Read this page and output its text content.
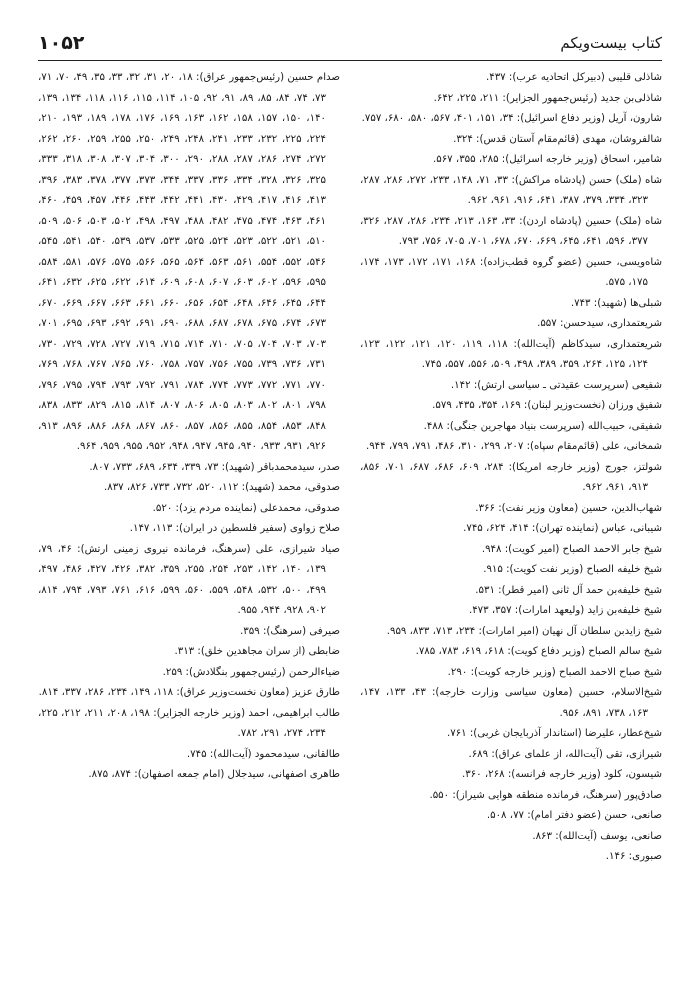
۱۰۵۲	کتاب بیست‌ویکم

شاذلی قلیبی (دبیرکل اتحادیه عرب): ۴۳۷.

شاذلی‌بن جدید (رئیس‌جمهور الجزایر): ۲۱۱، ۲۲۵، ۶۴۲.

شارون، آریل (وزیر دفاع اسرائیل): ۳۴، ۱۵۱، ۴۰۱، ۵۶۷، ۵۸۰، ۶۸۰، ۷۵۷.

شالفروشان، مهدی (قائم‌مقام آستان قدس): ۳۲۴.

شامیر، اسحاق (وزیر خارجه اسرائیل): ۲۸۵، ۳۵۵، ۵۶۷.

شاه (ملک) حسن (پادشاه مراکش): ۳۳، ۷۱، ۱۴۸، ۲۳۳، ۲۷۲، ۲۸۶، ۲۸۷، ۳۲۳، ۳۳۴، ۳۷۹، ۳۸۷، ۶۴۱، ۹۱۶، ۹۶۱، ۹۶۲.

شاه (ملک) حسین (پادشاه اردن): ۳۳، ۱۶۳، ۲۱۳، ۲۳۴، ۲۸۶، ۲۸۷، ۳۲۶، ۳۷۷، ۵۹۶، ۶۴۱، ۶۴۵، ۶۶۹، ۶۷۰، ۶۷۸، ۷۰۱، ۷۰۵، ۷۵۶، ۷۹۳.

شاه‌ویسی، حسین (عضو گروه قطب‌زاده): ۱۶۸، ۱۷۱، ۱۷۲، ۱۷۳، ۱۷۴، ۱۷۵، ۵۷۵.

شبلی‌ها (شهید): ۷۴۳.

شریعتمداری، سیدحسن: ۵۵۷.

شریعتمداری، سیدکاظم (آیت‌الله): ۱۱۸، ۱۱۹، ۱۲۰، ۱۲۱، ۱۲۲، ۱۲۳، ۱۲۴، ۱۲۵، ۲۶۴، ۳۵۹، ۳۸۹، ۴۹۸، ۵۰۹، ۵۵۶، ۵۵۷، ۷۴۵.

شفیعی (سرپرست عقیدتی ـ سیاسی ارتش): ۱۴۲.

شفیق ورزان (نخست‌وزیر لبنان): ۱۶۹، ۳۵۴، ۴۳۵، ۵۷۹.

شفیقی، حبیب‌الله (سرپرست بنیاد مهاجرین جنگی): ۴۸۸.

شمخانی، علی (قائم‌مقام سپاه): ۲۰۷، ۲۹۹، ۳۱۰، ۴۸۶، ۷۹۱، ۷۹۹، ۹۴۴.

شولتز، جورج (وزیر خارجه امریکا): ۲۸۴، ۶۰۹، ۶۸۶، ۶۸۷، ۷۰۱، ۸۵۶، ۹۱۳، ۹۶۱، ۹۶۲.

شهاب‌الدین، حسین (معاون وزیر نفت): ۳۶۶.

شیبانی، عباس (نماینده تهران): ۴۱۴، ۶۲۴، ۷۴۵.

شیخ جابر الاحمد الصباح (امیر کویت): ۹۴۸.

شیخ خلیفه الصباح (وزیر نفت کویت): ۹۱۵.

شیخ خلیفه‌بن حمد آل ثانی (امیر قطر): ۵۳۱.

شیخ خلیفه‌بن زاید (ولیعهد امارات): ۳۵۷، ۴۷۳.

شیخ زایدبن سلطان آل نهیان (امیر امارات): ۲۳۴، ۷۱۳، ۸۳۳، ۹۵۹.

شیخ سالم الصباح (وزیر دفاع کویت): ۶۱۸، ۶۱۹، ۷۸۳، ۷۸۵.

شیخ صباح الاحمد الصباح (وزیر خارجه کویت): ۲۹۰.

شیخ‌الاسلام، حسین (معاون سیاسی وزارت خارجه): ۴۳، ۱۳۳، ۱۴۷، ۱۶۳، ۷۳۸، ۸۹۱، ۹۵۶.

شیخ‌عطار، علیرضا (استاندار آذربایجان غربی): ۷۶۱.

شیرازی، تقی (آیت‌الله، از علمای عراق): ۶۸۹.

شیسون، کلود (وزیر خارجه فرانسه): ۲۶۸، ۳۶۰.

صادق‌پور (سرهنگ، فرمانده منطقه هوایی شیراز): ۵۵۰.

صانعی، حسن (عضو دفتر امام): ۷۷، ۵۰۸.

صانعی، یوسف (آیت‌الله): ۸۶۳.

صبوری: ۱۴۶.

صدام حسین (رئیس‌جمهور عراق): ۱۸، ۲۰، ۳۱، ۳۲، ۳۳، ۳۵، ۴۹، ۷۰، ۷۱، ۷۳، ۷۴، ۸۴، ۸۵، ۸۹، ۹۱، ۹۲، ۱۰۵، ۱۱۴، ۱۱۵، ۱۱۶، ۱۱۸، ۱۳۴، ۱۳۹، ۱۴۰، ۱۵۰، ۱۵۷، ۱۵۸، ۱۶۲، ۱۶۳، ۱۶۹، ۱۷۶، ۱۷۸، ۱۸۹، ۱۹۳، ۲۱۰، ۲۲۴، ۲۲۵، ۲۳۲، ۲۳۳، ۲۴۱، ۲۴۸، ۲۴۹، ۲۵۰، ۲۵۵، ۲۵۹، ۲۶۰، ۲۶۲، ۲۷۲، ۲۷۴، ۲۸۶، ۲۸۷، ۲۸۸، ۲۹۰، ۳۰۰، ۳۰۴، ۳۰۷، ۳۰۸، ۳۱۸، ۳۳۳، ۳۲۵، ۳۲۶، ۳۲۸، ۳۳۴، ۳۳۶، ۳۳۷، ۳۴۴، ۳۷۳، ۳۷۷، ۳۷۸، ۳۸۳، ۳۹۶، ۴۱۳، ۴۱۶، ۴۱۷، ۴۲۹، ۴۳۰، ۴۴۱، ۴۴۲، ۴۴۳، ۴۴۶، ۴۵۷، ۴۵۹، ۴۶۰، ۴۶۱، ۴۶۳، ۴۷۴، ۴۷۵، ۴۸۲، ۴۸۸، ۴۹۷، ۴۹۸، ۵۰۲، ۵۰۳، ۵۰۶، ۵۰۹، ۵۱۰، ۵۲۱، ۵۲۲، ۵۲۳، ۵۲۴، ۵۲۵، ۵۳۳، ۵۳۷، ۵۳۹، ۵۴۰، ۵۴۱، ۵۴۵، ۵۴۶، ۵۵۲، ۵۵۴، ۵۶۱، ۵۶۳، ۵۶۴، ۵۶۵، ۵۶۶، ۵۷۵، ۵۷۶، ۵۸۱، ۵۸۴، ۵۹۵، ۵۹۶، ۶۰۲، ۶۰۳، ۶۰۷، ۶۰۸، ۶۰۹، ۶۱۴، ۶۲۲، ۶۲۵، ۶۳۲، ۶۴۱، ۶۴۴، ۶۴۵، ۶۴۶، ۶۴۸، ۶۵۴، ۶۵۶، ۶۶۰، ۶۶۱، ۶۶۳، ۶۶۷، ۶۶۹، ۶۷۰، ۶۷۳، ۶۷۴، ۶۷۵، ۶۷۸، ۶۸۷، ۶۸۸، ۶۹۰، ۶۹۱، ۶۹۲، ۶۹۳، ۶۹۵، ۷۰۱، ۷۰۳، ۷۰۳، ۷۰۴، ۷۰۵، ۷۱۰، ۷۱۴، ۷۱۵، ۷۱۹، ۷۲۷، ۷۲۸، ۷۲۹، ۷۳۰، ۷۳۱، ۷۳۶، ۷۳۹، ۷۵۵، ۷۵۶، ۷۵۷، ۷۵۸، ۷۶۰، ۷۶۵، ۷۶۷، ۷۶۸، ۷۶۹، ۷۷۰، ۷۷۱، ۷۷۲، ۷۷۳، ۷۷۴، ۷۸۴، ۷۹۱، ۷۹۲، ۷۹۳، ۷۹۴، ۷۹۵، ۷۹۶، ۷۹۸، ۸۰۱، ۸۰۲، ۸۰۳، ۸۰۵، ۸۰۶، ۸۰۷، ۸۱۴، ۸۱۵، ۸۲۹، ۸۳۳، ۸۳۸، ۸۴۸، ۸۵۳، ۸۵۴، ۸۵۵، ۸۵۶، ۸۵۷، ۸۶۰، ۸۶۷، ۸۶۸، ۸۸۶، ۸۹۶، ۹۱۳، ۹۲۶، ۹۳۱، ۹۳۳، ۹۴۰، ۹۴۵، ۹۴۷، ۹۴۸، ۹۵۲، ۹۵۵، ۹۵۹، ۹۶۴.

صدر، سیدمحمدباقر (شهید): ۷۳، ۳۳۹، ۶۳۴، ۶۸۹، ۷۳۳، ۸۰۷.

صدوقی، محمد (شهید): ۱۱۲، ۵۲۰، ۷۳۲، ۷۳۳، ۸۲۶، ۸۳۷.

صدوقی، محمدعلی (نماینده مردم یزد): ۵۲۰.

صلاح زواوی (سفیر فلسطین در ایران): ۱۱۳، ۱۴۷.

صیاد شیرازی، علی (سرهنگ، فرمانده نیروی زمینی ارتش): ۴۶، ۷۹، ۱۳۹، ۱۴۰، ۱۴۲، ۲۵۳، ۲۵۴، ۲۵۵، ۳۵۹، ۳۸۲، ۴۲۶، ۴۲۷، ۴۸۶، ۴۹۷، ۴۹۹، ۵۰۰، ۵۳۲، ۵۴۸، ۵۵۹، ۵۶۰، ۵۹۹، ۶۱۶، ۷۶۱، ۷۹۳، ۷۹۴، ۸۱۴، ۹۰۲، ۹۲۸، ۹۴۴، ۹۵۵.

صیرفی (سرهنگ): ۳۵۹.

ضابطی (از سران مجاهدین خلق): ۳۱۳.

ضیاءالرحمن (رئیس‌جمهور بنگلادش): ۲۵۹.

طارق عزیز (معاون نخست‌وزیر عراق): ۱۱۸، ۱۴۹، ۲۳۴، ۲۸۶، ۳۳۷، ۸۱۴.

طالب ابراهیمی، احمد (وزیر خارجه الجزایر): ۱۹۸، ۲۰۸، ۲۱۱، ۲۱۲، ۲۲۵، ۲۳۴، ۲۷۴، ۲۹۱، ۷۸۲.

طالقانی، سیدمحمود (آیت‌الله): ۷۴۵.

طاهری اصفهانی، سیدجلال (امام جمعه اصفهان): ۸۷۴، ۸۷۵.
